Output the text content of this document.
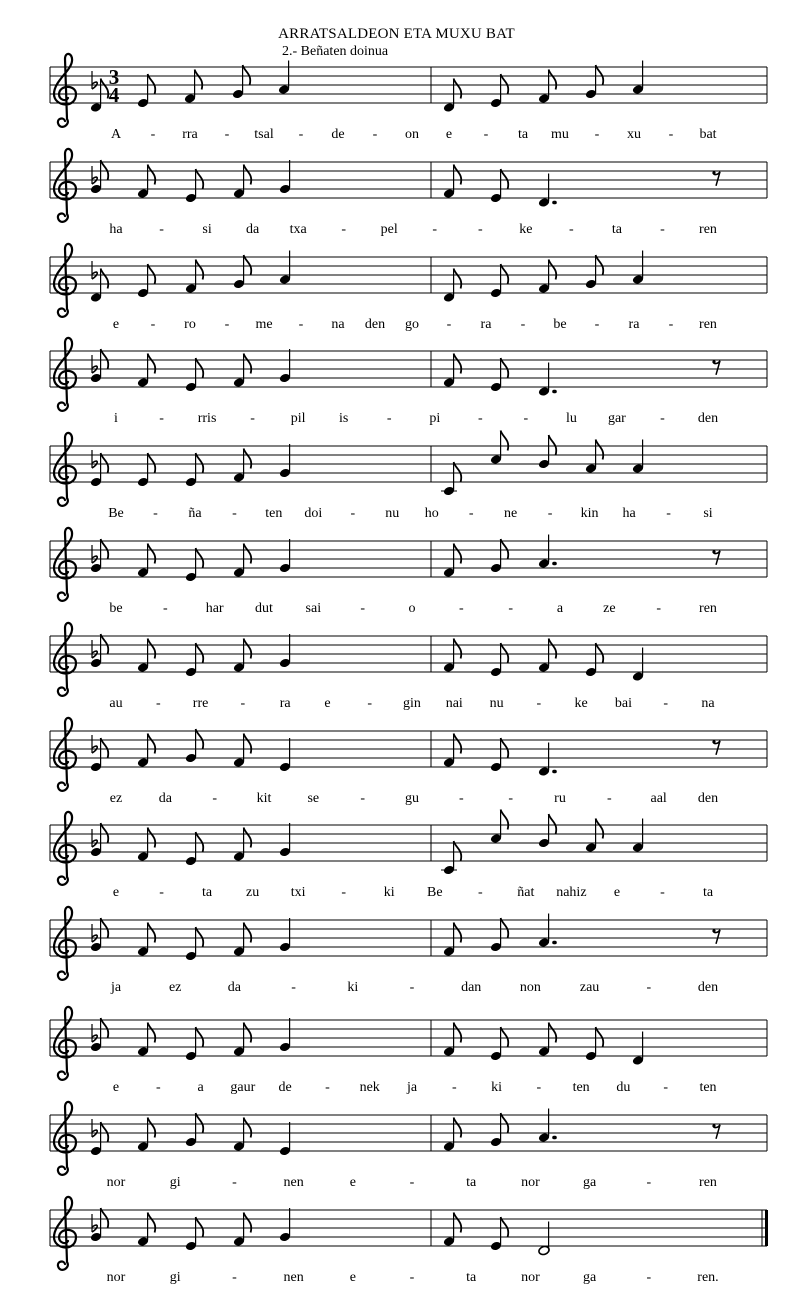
ARRATSALDEON ETA MUXU BAT
2.- Beñaten doinua
3
4
A - rra - tsal - de - on e - ta mu - xu - bat
ha	-	si da txa - pel -	-	ke	-	ta	- ren
e - ro - me - na den go - ra - be - ra - ren
i	- rris -	pil is	-	pi	-	-	lu gar - den
Be - ña - ten doi - nu ho - ne - kin ha - si
be	-	har dut sai	-	o	-	-	a	ze	-	ren
au - rre - ra e	- gin nai nu - ke bai - na
ez	da	-	kit	se	-	gu	-	-	ru	-	aal den
e	-	ta zu txi	-	ki Be	- ñat nahiz e	-	ta
ja	ez	da	-	ki	-	dan	non	zau	-	den
e	-	a gaur de - nek ja - ki - ten du - ten
nor	gi	-	nen	e	-	ta	nor	ga	-	ren
nor	gi	-	nen	e	-	ta	nor	ga	-	ren.
